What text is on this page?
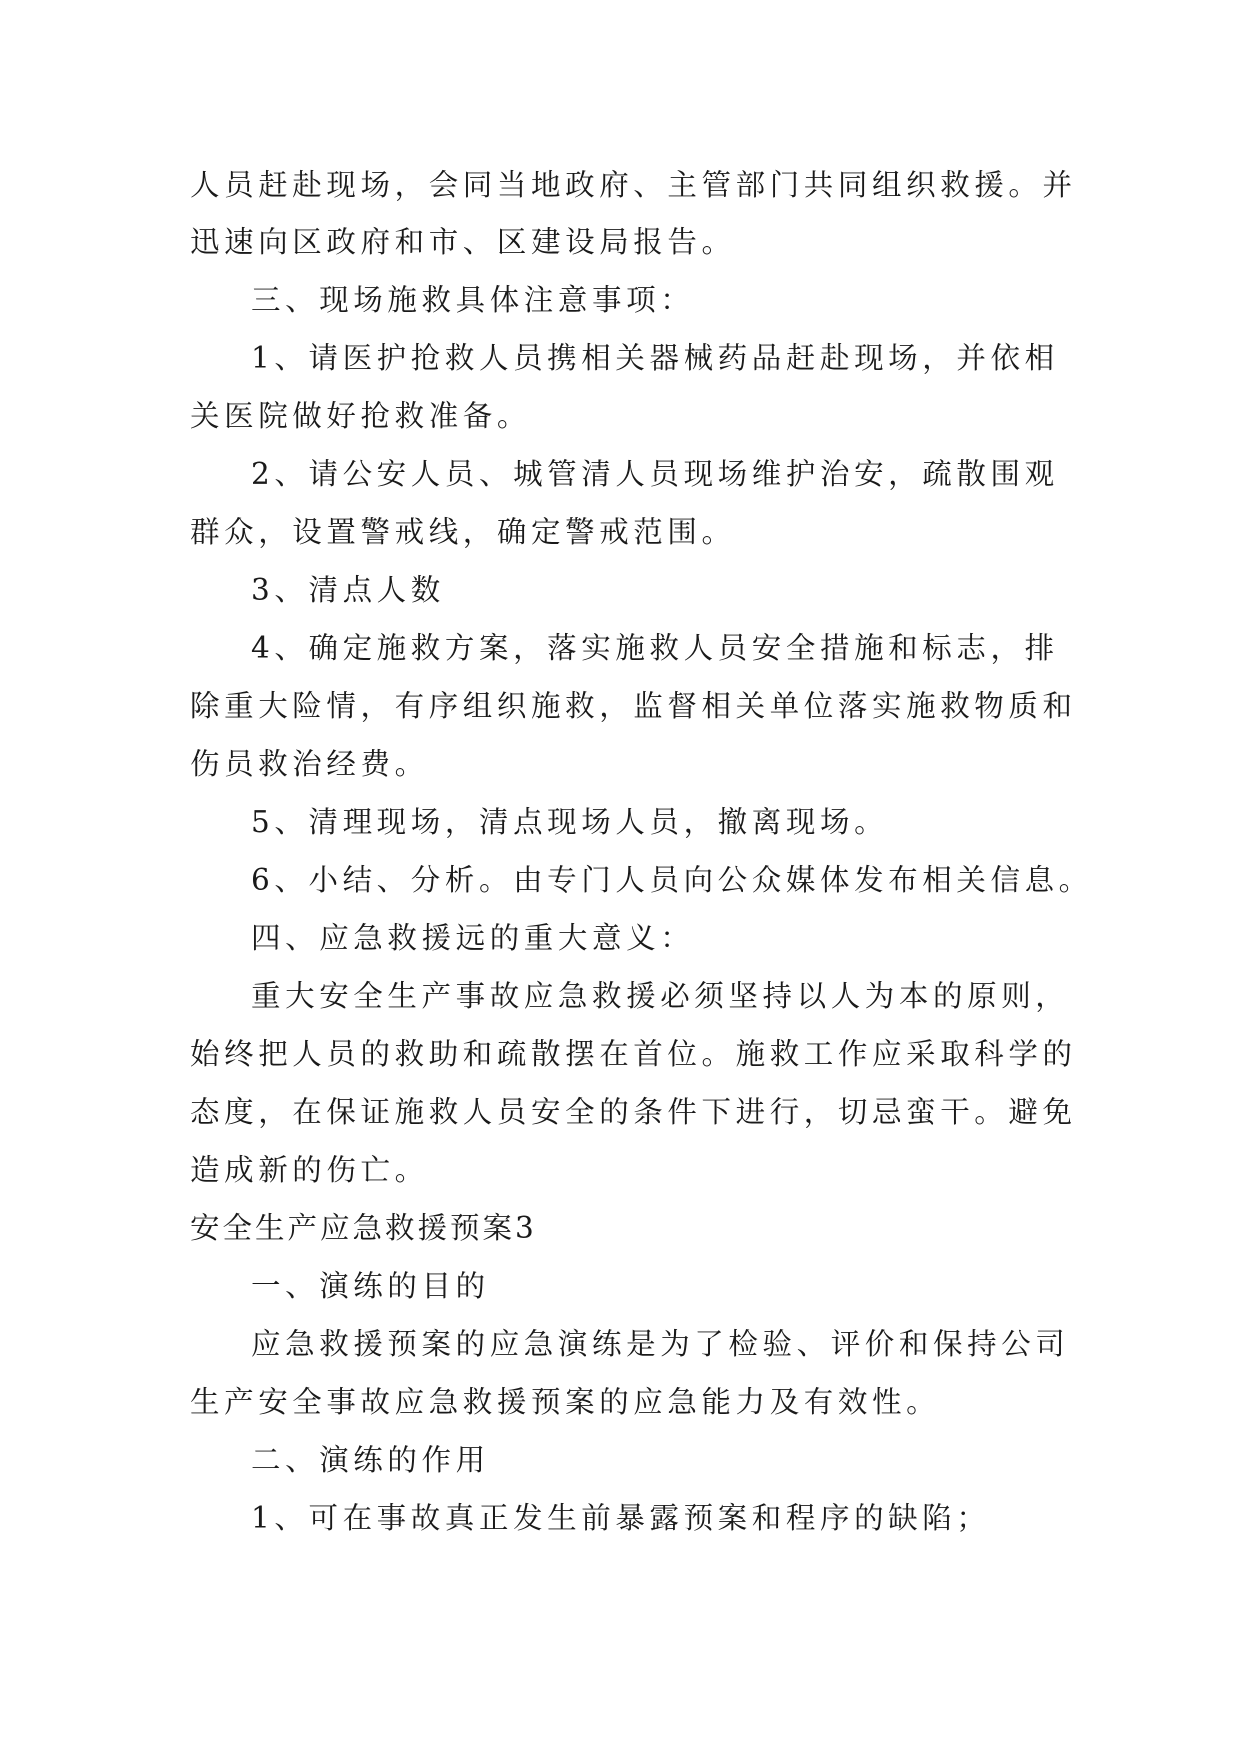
人员赶赴现场，会同当地政府、主管部门共同组织救援。并
迅速向区政府和市、区建设局报告。
三、现场施救具体注意事项：
1、请医护抢救人员携相关器械药品赶赴现场，并依相
关医院做好抢救准备。
2、请公安人员、城管清人员现场维护治安，疏散围观
群众，设置警戒线，确定警戒范围。
3、清点人数
4、确定施救方案，落实施救人员安全措施和标志，排
除重大险情，有序组织施救，监督相关单位落实施救物质和
伤员救治经费。
5、清理现场，清点现场人员，撤离现场。
6、小结、分析。由专门人员向公众媒体发布相关信息。
四、应急救援远的重大意义：
重大安全生产事故应急救援必须坚持以人为本的原则，
始终把人员的救助和疏散摆在首位。施救工作应采取科学的
态度，在保证施救人员安全的条件下进行，切忌蛮干。避免
造成新的伤亡。
安全生产应急救援预案3
一、演练的目的
应急救援预案的应急演练是为了检验、评价和保持公司
生产安全事故应急救援预案的应急能力及有效性。
二、演练的作用
1、可在事故真正发生前暴露预案和程序的缺陷；
